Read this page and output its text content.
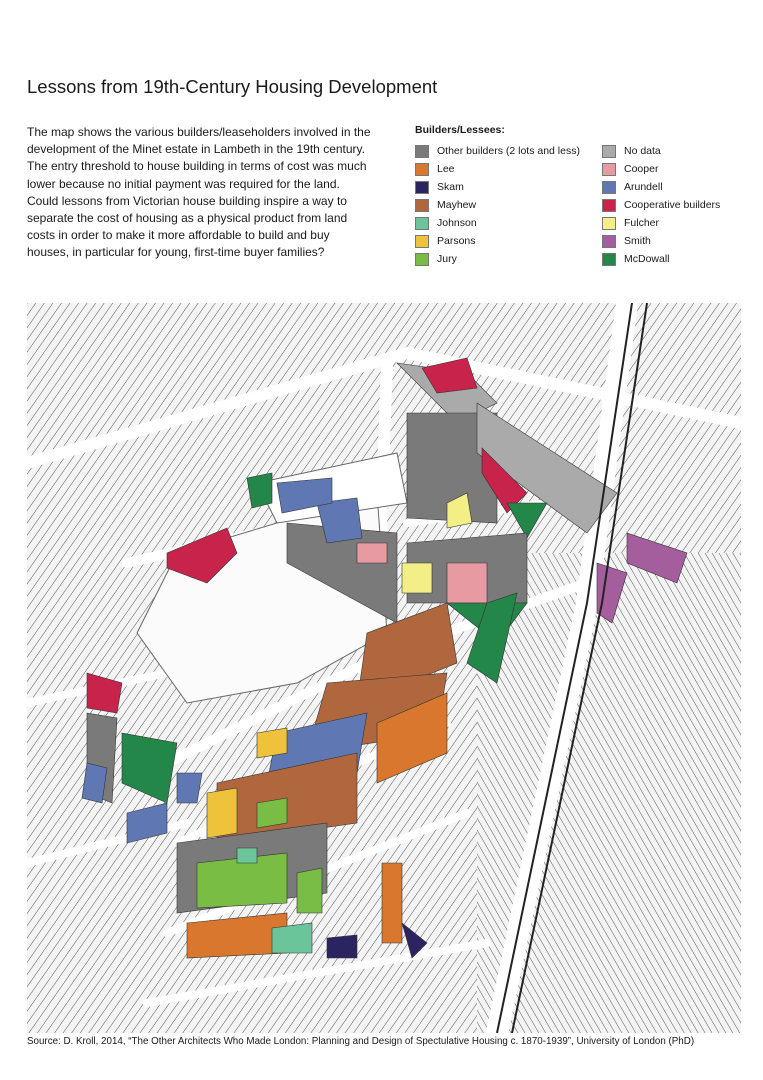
Lessons from 19th-Century Housing Development

The map shows the various builders/leaseholders involved in the development of the Minet estate in Lambeth in the 19th century. The entry threshold to house building in terms of cost was much lower because no initial payment was required for the land. Could lessons from Victorian house building inspire a way to separate the cost of housing as a physical product from land costs in order to make it more affordable to build and buy houses, in particular for young, first-time buyer families?

Builders/Lessees:
Other builders (2 lots and less)
Lee
Skam
Mayhew
Johnson
Parsons
Jury
No data
Cooper
Arundell
Cooperative builders
Fulcher
Smith
McDowall
Source: D. Kroll, 2014, “The Other Architects Who Made London: Planning and Design of Spectulative Housing c. 1870-1939”, University of London (PhD)
